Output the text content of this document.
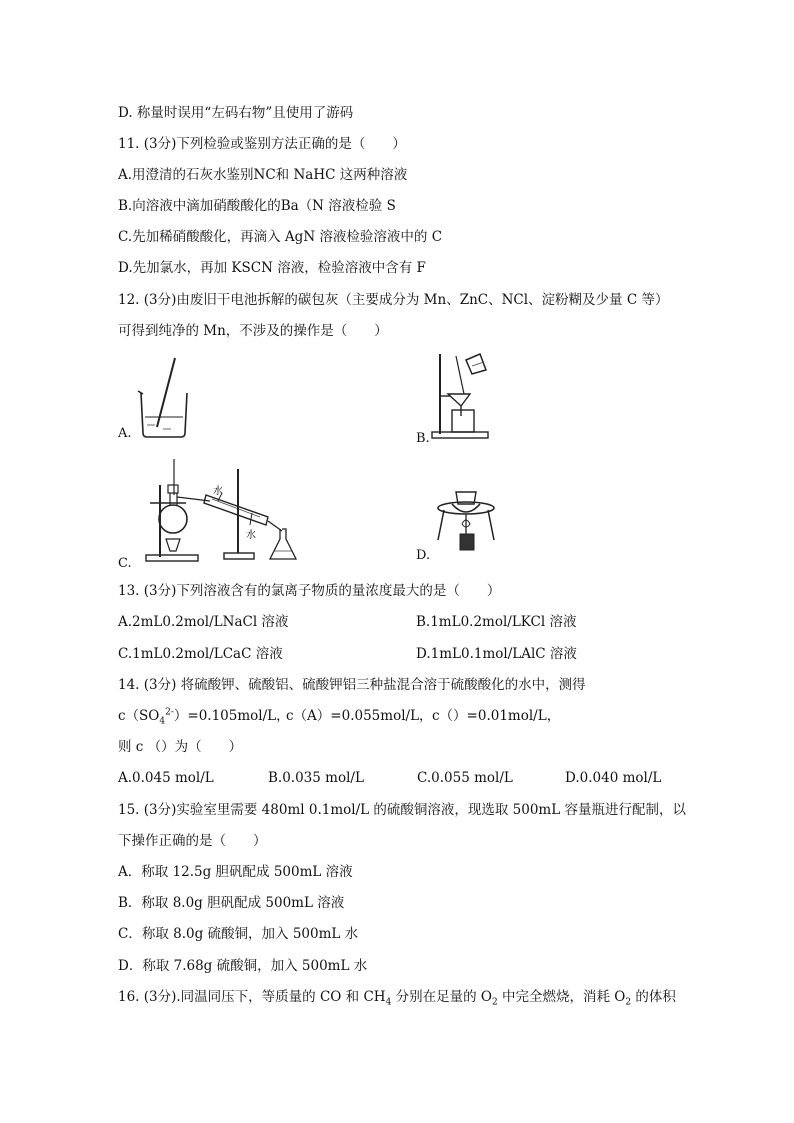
D. 称量时误用“左码右物”且使用了游码
11. (3分)下列检验或鉴别方法正确的是（　　）
A.用澄清的石灰水鉴别NC和 NaHC 这两种溶液
B.向溶液中滴加硝酸酸化的Ba（N 溶液检验 S
C.先加稀硝酸酸化，再滴入 AgN 溶液检验溶液中的 C
D.先加氯水，再加 KSCN 溶液，检验溶液中含有 F
12. (3分)由废旧干电池拆解的碳包灰（主要成分为 Mn、ZnC、NCl、淀粉糊及少量 C 等）
可得到纯净的 Mn，不涉及的操作是（　　）
A.	B.
水
水
C.
D.
13. (3分)下列溶液含有的氯离子物质的量浓度最大的是（　　）
A.2mL0.2mol/LNaCl 溶液	B.1mL0.2mol/LKCl 溶液
C.1mL0.2mol/LCaC 溶液	D.1mL0.1mol/LAlC 溶液
14. (3分) 将硫酸钾、硫酸铝、硫酸钾铝三种盐混合溶于硫酸酸化的水中，测得
$c(SO_4^{2-})=0.105mol/L$，
c（A）=0.055mol/L， c（）=0.01mol/L，
则 c （）为（　　）
A.0.045 mol/L	B.0.035 mol/L	C.0.055 mol/L	D.0.040 mol/L
15. (3分)实验室里需要 480ml 0.1mol/L 的硫酸铜溶液，现选取 500mL 容量瓶进行配制，以
下操作正确的是（　　）
A．称取 12.5g 胆矾配成 500mL 溶液
B．称取 8.0g 胆矾配成 500mL 溶液
C．称取 8.0g 硫酸铜，加入 500mL 水
D．称取 7.68g 硫酸铜，加入 500mL 水
16. (3分).同温同压下，等质量的 CO 和 $CH_4$ 分别在足量的 $O_2$ 中完全燃烧，消耗 $O_2$ 的体积
